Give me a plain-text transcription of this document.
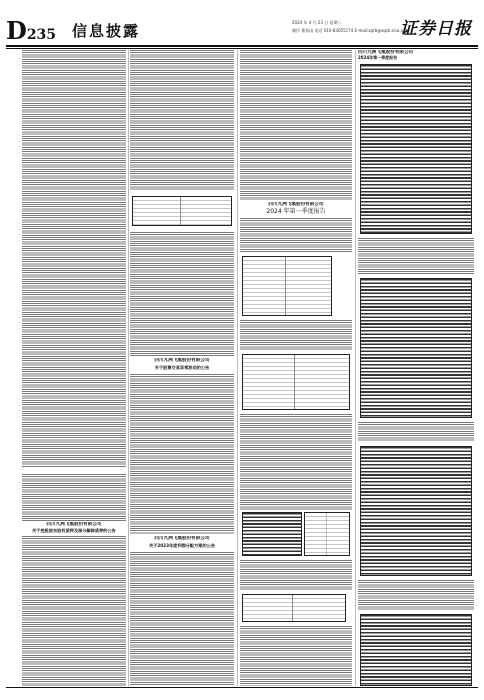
D235 信息披露	2024 年 4 月 23 日 星期二
制作 董春雨 电话 010-83055174 E-mail:zqrb@zqrb.sina.net
证券日报
四川九洲飞集股份有限公司
关于控股股东股权质押及部分解除质押的公告
四川九洲飞集股份有限公司
关于股票交易异常波动的公告
四川九洲飞集股份有限公司
关于2023年度利润分配方案的公告
四川九洲飞集股份有限公司
2024 年第一季度报告
四川九洲飞集股份有限公司
2024年第一季度报告
